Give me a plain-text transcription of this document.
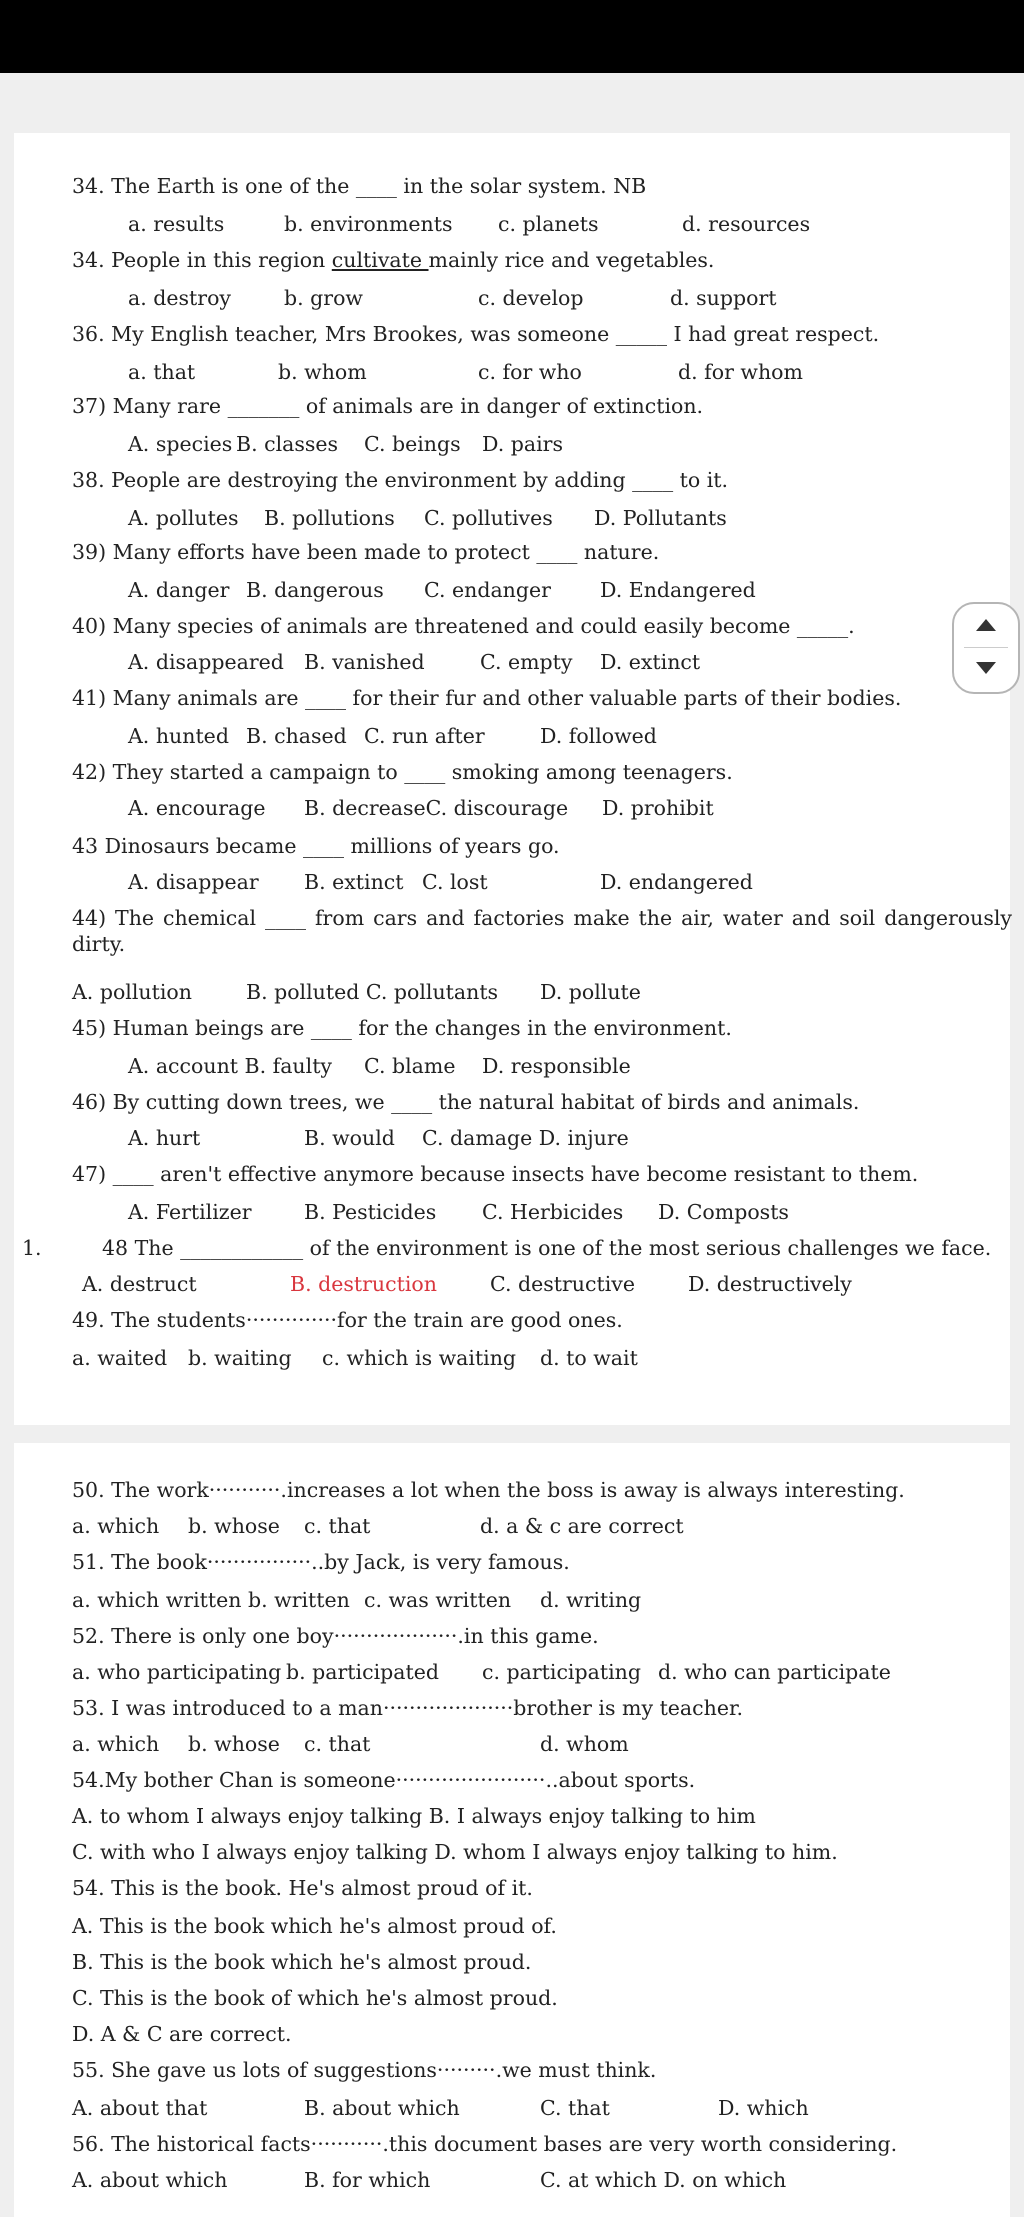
34. The Earth is one of the ____ in the solar system. NB
a. results	b. environments c. planets	d. resources
34. People in this region cultivate mainly rice and vegetables.
a. destroy	b. grow	c. develop	d. support
36. My English teacher, Mrs Brookes, was someone _____ I had great respect.
a. that	b. whom	c. for who	d. for whom
37) Many rare _______ of animals are in danger of extinction.
A. species B. classes C. beings D. pairs
38. People are destroying the environment by adding ____ to it.
A. pollutes B. pollutions C. pollutives D. Pollutants
39) Many efforts have been made to protect ____ nature.
A. danger B. dangerous C. endanger D. Endangered
40) Many species of animals are threatened and could easily become _____.
A. disappeared B. vanished	C. empty D. extinct
41) Many animals are ____ for their fur and other valuable parts of their bodies.
A. hunted B. chased C. run after	D. followed
42) They started a campaign to ____ smoking among teenagers.
A. encourage B. decreaseC. discourage D. prohibit
43 Dinosaurs became ____ millions of years go.
A. disappear B. extinct C. lost	D. endangered
44) The chemical ____ from cars and factories make the air, water and soil dangerously dirty.
A. pollution	B. polluted C. pollutants D. pollute
45) Human beings are ____ for the changes in the environment.
A. account B. faulty C. blame D. responsible
46) By cutting down trees, we ____ the natural habitat of birds and animals.
A. hurt	B. would C. damage D. injure
47) ____ aren't effective anymore because insects have become resistant to them.
A. Fertilizer	B. Pesticides C. Herbicides D. Composts
1.	48 The ____________ of the environment is one of the most serious challenges we face.
A. destruct	B. destruction	C. destructive	D. destructively
49. The students··············for the train are good ones.
a. waited b. waiting c. which is waiting d. to wait
50. The work···········.increases a lot when the boss is away is always interesting.
a. which b. whose c. that	d. a & c are correct
51. The book················..by Jack, is very famous.
a. which written b. written c. was written d. writing
52. There is only one boy···················.in this game.
a. who participating b. participated c. participating d. who can participate
53. I was introduced to a man····················brother is my teacher.
a. which b. whose c. that	d. whom
54.My bother Chan is someone·······················..about sports.
A. to whom I always enjoy talking B. I always enjoy talking to him
C. with who I always enjoy talking D. whom I always enjoy talking to him.
54. This is the book. He's almost proud of it.
A. This is the book which he's almost proud of.
B. This is the book which he's almost proud.
C. This is the book of which he's almost proud.
D. A & C are correct.
55. She gave us lots of suggestions·········.we must think.
A. about that	B. about which	C. that	D. which
56. The historical facts···········.this document bases are very worth considering.
A. about which	B. for which	C. at which D. on which
